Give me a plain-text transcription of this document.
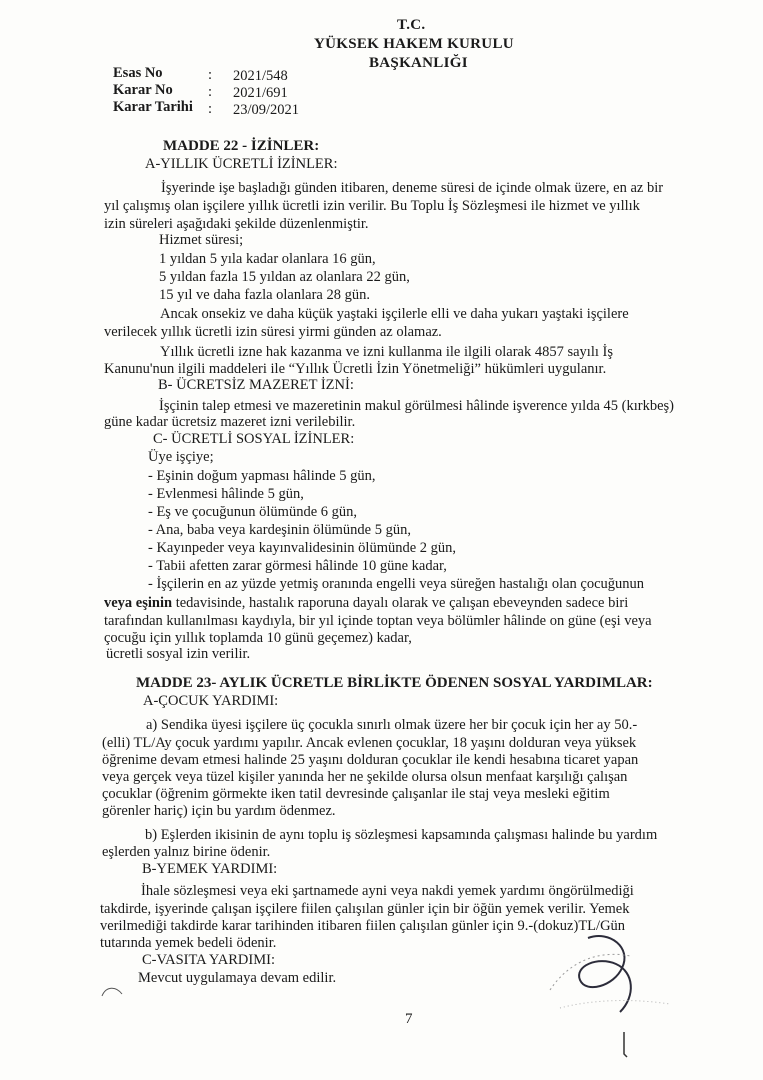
T.C.
YÜKSEK HAKEM KURULU
BAŞKANLIĞI
Esas No	: 2021/548
Karar No : 2021/691
Karar Tarihi : 23/09/2021
MADDE 22 - İZİNLER:
A-YILLIK ÜCRETLİ İZİNLER:
İşyerinde işe başladığı günden itibaren, deneme süresi de içinde olmak üzere, en az bir
yıl çalışmış olan işçilere yıllık ücretli izin verilir. Bu Toplu İş Sözleşmesi ile hizmet ve yıllık
izin süreleri aşağıdaki şekilde düzenlenmiştir.
Hizmet süresi;
1 yıldan 5 yıla kadar olanlara 16 gün,
5 yıldan fazla 15 yıldan az olanlara 22 gün,
15 yıl ve daha fazla olanlara 28 gün.
Ancak onsekiz ve daha küçük yaştaki işçilerle elli ve daha yukarı yaştaki işçilere
verilecek yıllık ücretli izin süresi yirmi günden az olamaz.
Yıllık ücretli izne hak kazanma ve izni kullanma ile ilgili olarak 4857 sayılı İş
Kanunu'nun ilgili maddeleri ile “Yıllık Ücretli İzin Yönetmeliği” hükümleri uygulanır.
B- ÜCRETSİZ MAZERET İZNİ:
İşçinin talep etmesi ve mazeretinin makul görülmesi hâlinde işverence yılda 45 (kırkbeş)
güne kadar ücretsiz mazeret izni verilebilir.
C- ÜCRETLİ SOSYAL İZİNLER:
Üye işçiye;
- Eşinin doğum yapması hâlinde 5 gün,
- Evlenmesi hâlinde 5 gün,
- Eş ve çocuğunun ölümünde 6 gün,
- Ana, baba veya kardeşinin ölümünde 5 gün,
- Kayınpeder veya kayınvalidesinin ölümünde 2 gün,
- Tabii afetten zarar görmesi hâlinde 10 güne kadar,
- İşçilerin en az yüzde yetmiş oranında engelli veya süreğen hastalığı olan çocuğunun
veya eşinin tedavisinde, hastalık raporuna dayalı olarak ve çalışan ebeveynden sadece biri
tarafından kullanılması kaydıyla, bir yıl içinde toptan veya bölümler hâlinde on güne (eşi veya
çocuğu için yıllık toplamda 10 günü geçemez) kadar,
ücretli sosyal izin verilir.
MADDE 23- AYLIK ÜCRETLE BİRLİKTE ÖDENEN SOSYAL YARDIMLAR:
A-ÇOCUK YARDIMI:
a) Sendika üyesi işçilere üç çocukla sınırlı olmak üzere her bir çocuk için her ay 50.-
(elli) TL/Ay çocuk yardımı yapılır. Ancak evlenen çocuklar, 18 yaşını dolduran veya yüksek
öğrenime devam etmesi halinde 25 yaşını dolduran çocuklar ile kendi hesabına ticaret yapan
veya gerçek veya tüzel kişiler yanında her ne şekilde olursa olsun menfaat karşılığı çalışan
çocuklar (öğrenim görmekte iken tatil devresinde çalışanlar ile staj veya mesleki eğitim
görenler hariç) için bu yardım ödenmez.
b) Eşlerden ikisinin de aynı toplu iş sözleşmesi kapsamında çalışması halinde bu yardım
eşlerden yalnız birine ödenir.
B-YEMEK YARDIMI:
İhale sözleşmesi veya eki şartnamede ayni veya nakdi yemek yardımı öngörülmediği
takdirde, işyerinde çalışan işçilere fiilen çalışılan günler için bir öğün yemek verilir. Yemek
verilmediği takdirde karar tarihinden itibaren fiilen çalışılan günler için 9.-(dokuz)TL/Gün
tutarında yemek bedeli ödenir.
C-VASITA YARDIMI:
Mevcut uygulamaya devam edilir.
7
